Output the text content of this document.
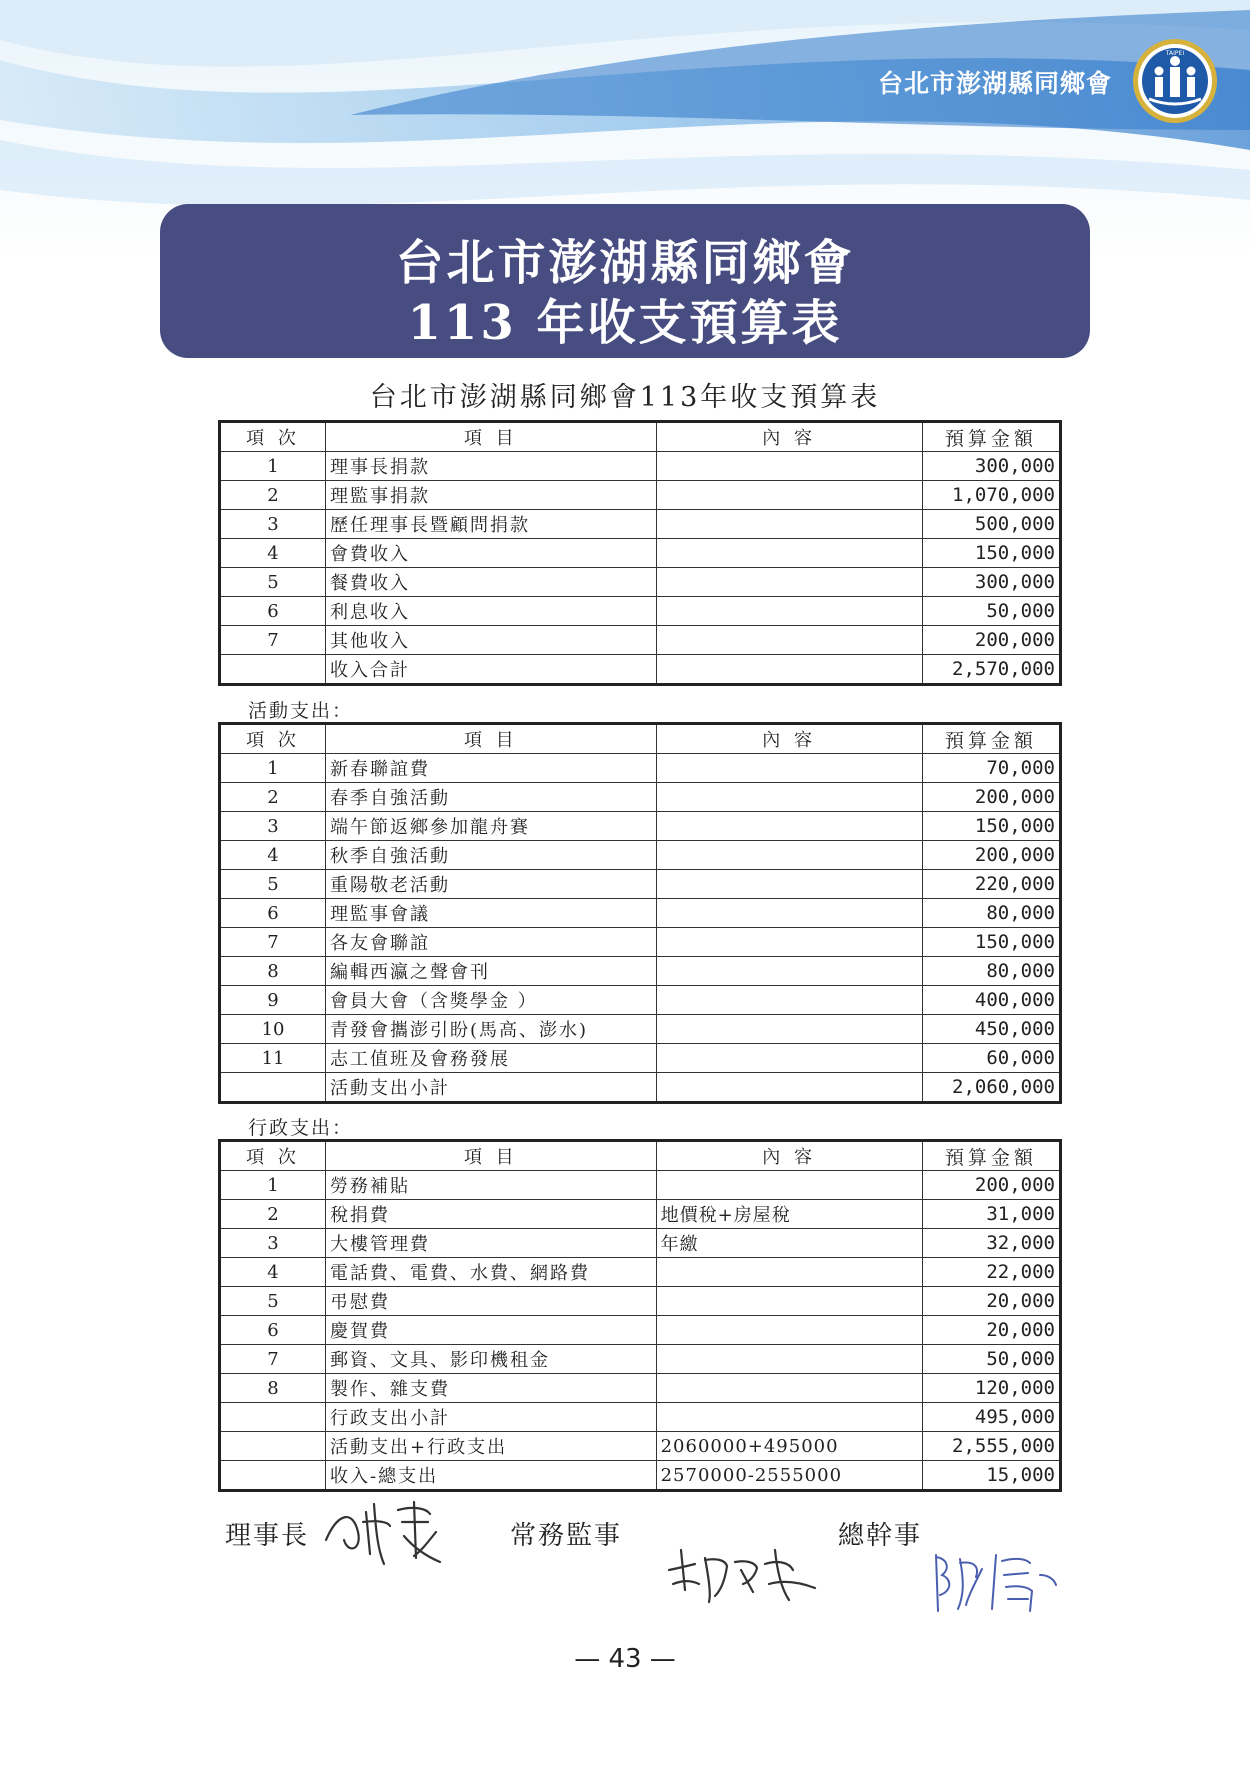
台北市澎湖縣同鄉會
TAIPEI
台北市澎湖縣同鄉會
113 年收支預算表
台北市澎湖縣同鄉會113年收支預算表
項 次	項 目	內 容	預算金額
1	理事長捐款		300,000
2	理監事捐款		1,070,000
3	歷任理事長暨顧問捐款		500,000
4	會費收入		150,000
5	餐費收入		300,000
6	利息收入		50,000
7	其他收入		200,000
	收入合計		2,570,000
活動支出：
項 次	項 目	內 容	預算金額
1	新春聯誼費		70,000
2	春季自強活動		200,000
3	端午節返鄉參加龍舟賽		150,000
4	秋季自強活動		200,000
5	重陽敬老活動		220,000
6	理監事會議		80,000
7	各友會聯誼		150,000
8	編輯西瀛之聲會刊		80,000
9	會員大會（含獎學金 ）		400,000
10	青發會攜澎引盼(馬高、澎水)		450,000
11	志工值班及會務發展		60,000
	活動支出小計		2,060,000
行政支出：
項 次	項 目	內 容	預算金額
1	勞務補貼		200,000
2	稅捐費	地價稅+房屋稅	31,000
3	大樓管理費	年繳	32,000
4	電話費、電費、水費、網路費		22,000
5	弔慰費		20,000
6	慶賀費		20,000
7	郵資、文具、影印機租金		50,000
8	製作、雜支費		120,000
	行政支出小計		495,000
	活動支出+行政支出	2060000+495000	2,555,000
	收入-總支出	2570000-2555000	15,000
理事長	常務監事	總幹事
— 43 —
